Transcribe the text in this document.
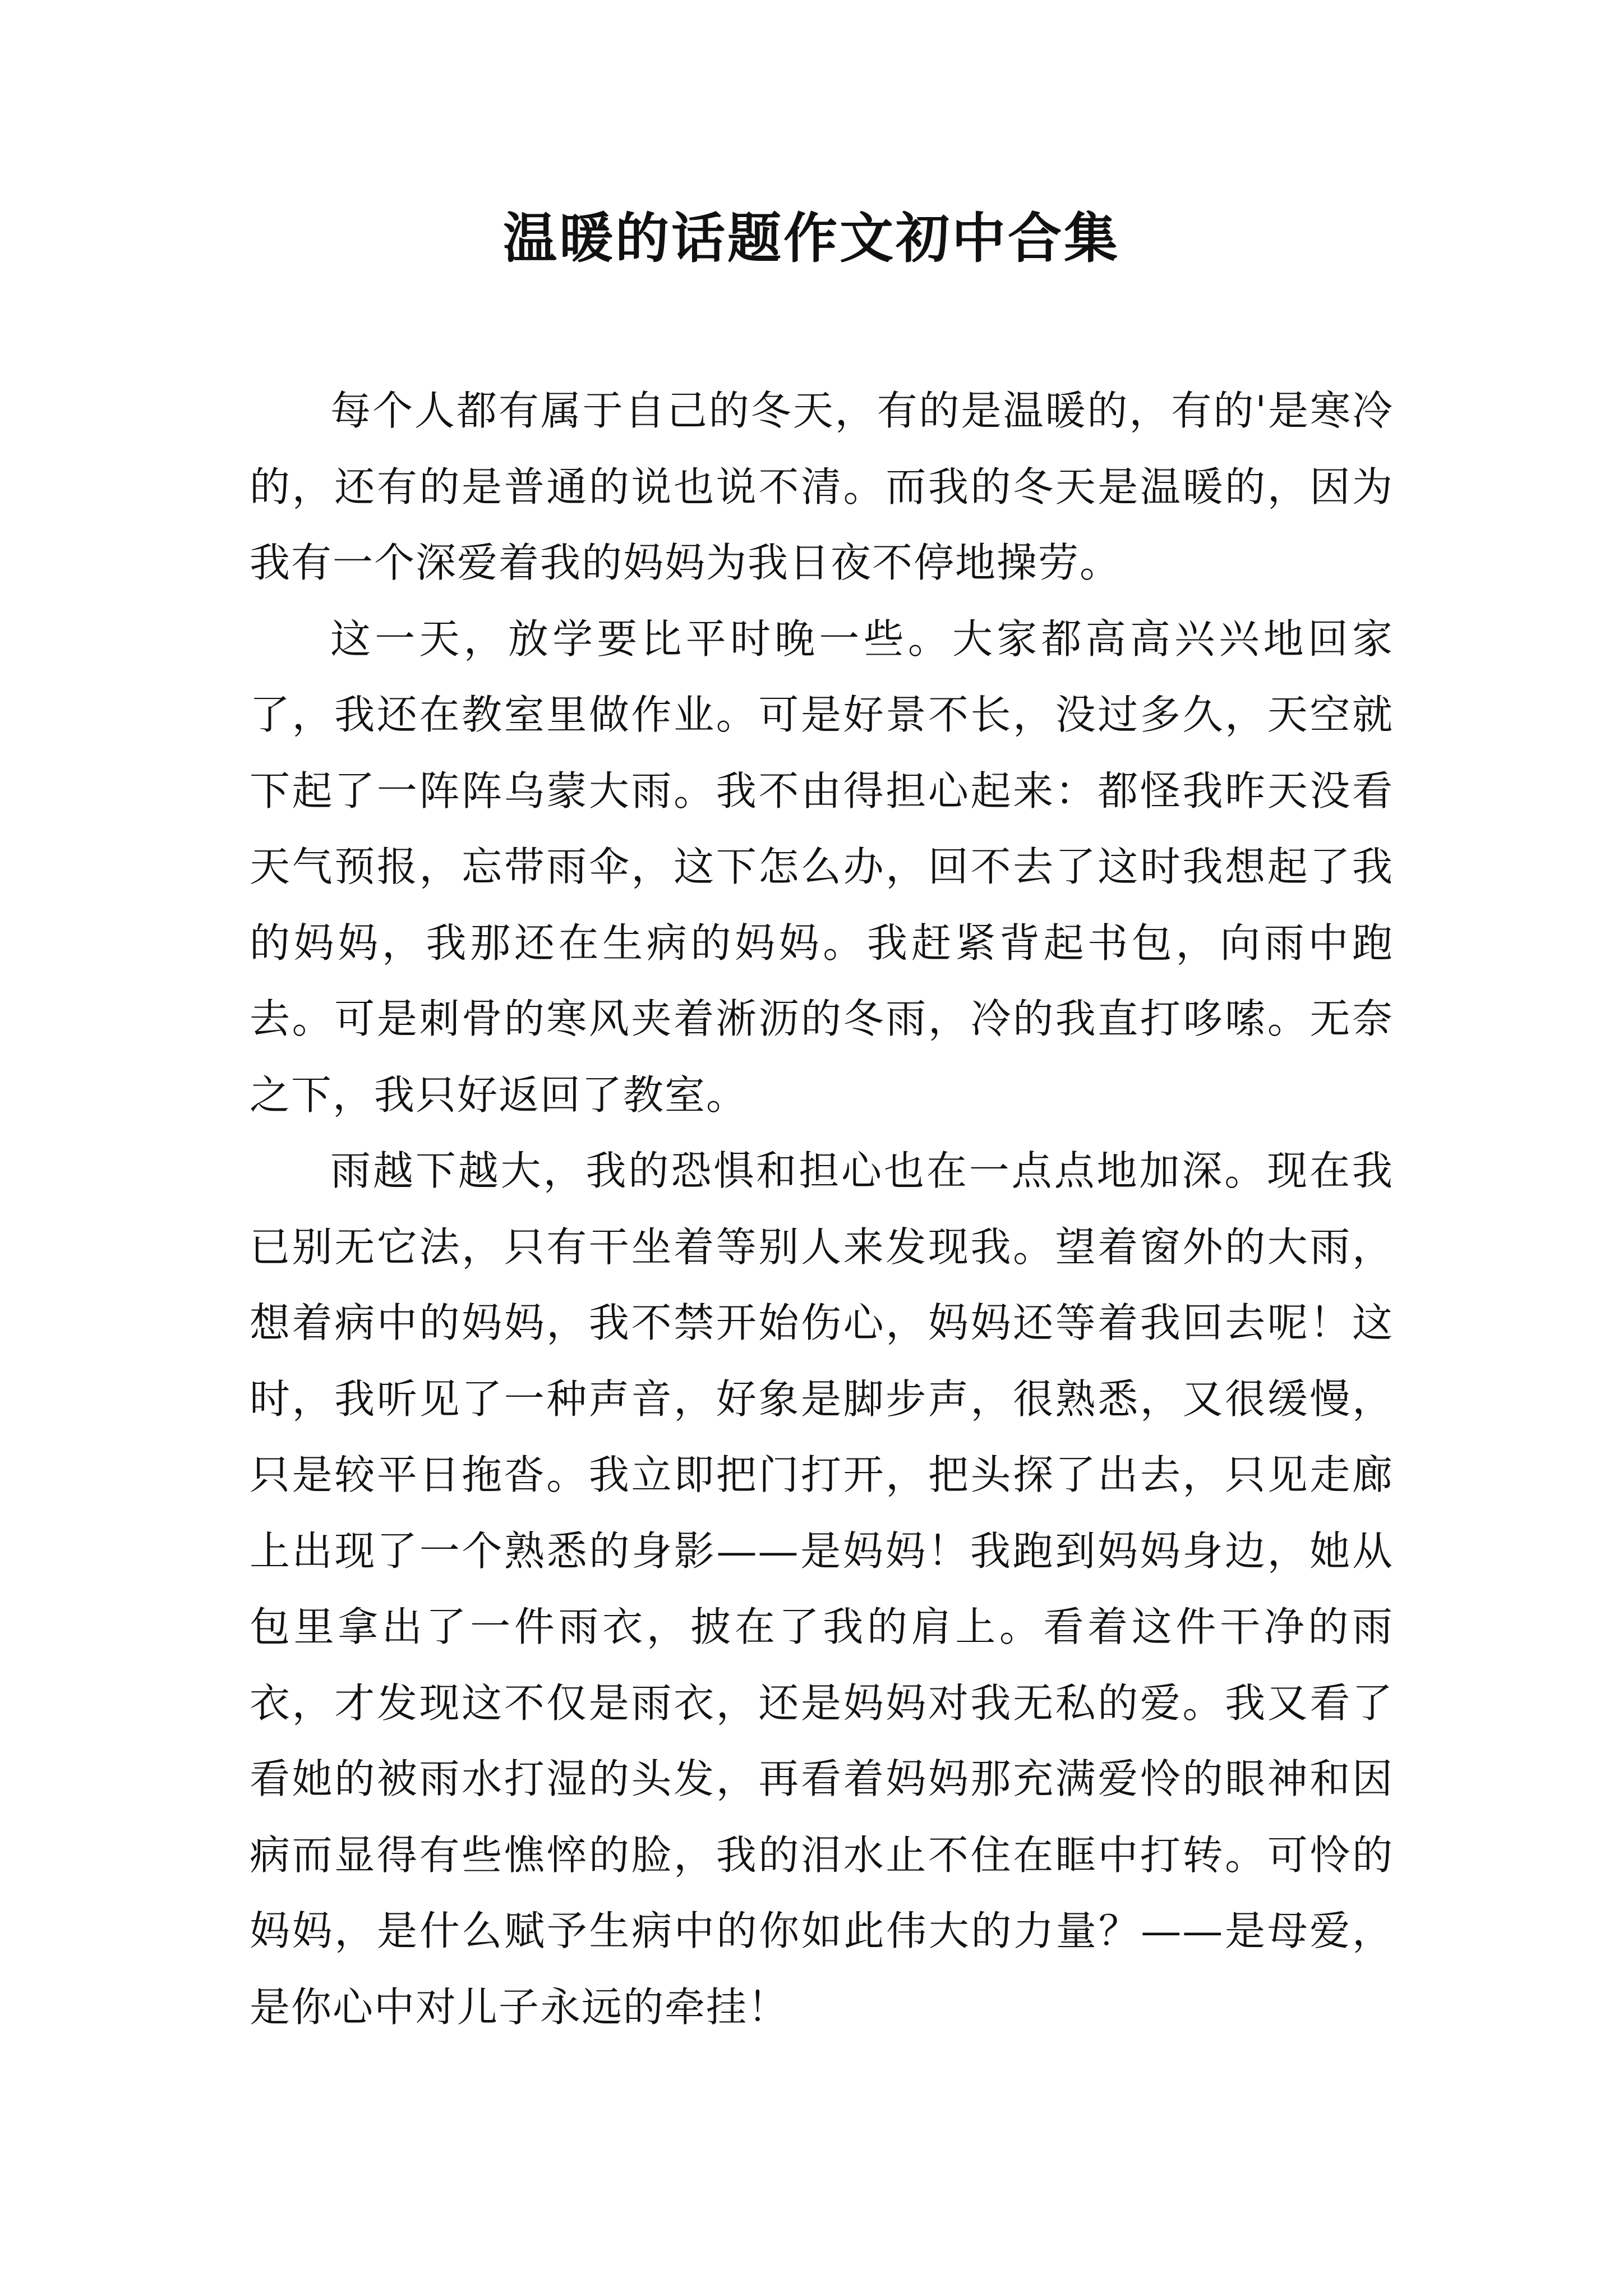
温暖的话题作文初中合集

每个人都有属于自己的冬天，有的是温暖的，有的'是寒冷的，还有的是普通的说也说不清。而我的冬天是温暖的，因为我有一个深爱着我的妈妈为我日夜不停地操劳。

这一天，放学要比平时晚一些。大家都高高兴兴地回家了，我还在教室里做作业。可是好景不长，没过多久，天空就下起了一阵阵乌蒙大雨。我不由得担心起来：都怪我昨天没看天气预报，忘带雨伞，这下怎么办，回不去了这时我想起了我的妈妈，我那还在生病的妈妈。我赶紧背起书包，向雨中跑去。可是刺骨的寒风夹着淅沥的冬雨，冷的我直打哆嗦。无奈之下，我只好返回了教室。

雨越下越大，我的恐惧和担心也在一点点地加深。现在我已别无它法，只有干坐着等别人来发现我。望着窗外的大雨，想着病中的妈妈，我不禁开始伤心，妈妈还等着我回去呢！这时，我听见了一种声音，好象是脚步声，很熟悉，又很缓慢，只是较平日拖沓。我立即把门打开，把头探了出去，只见走廊上出现了一个熟悉的身影——是妈妈！我跑到妈妈身边，她从包里拿出了一件雨衣，披在了我的肩上。看着这件干净的雨衣，才发现这不仅是雨衣，还是妈妈对我无私的爱。我又看了看她的被雨水打湿的头发，再看着妈妈那充满爱怜的眼神和因病而显得有些憔悴的脸，我的泪水止不住在眶中打转。可怜的妈妈，是什么赋予生病中的你如此伟大的力量？——是母爱，是你心中对儿子永远的牵挂！
